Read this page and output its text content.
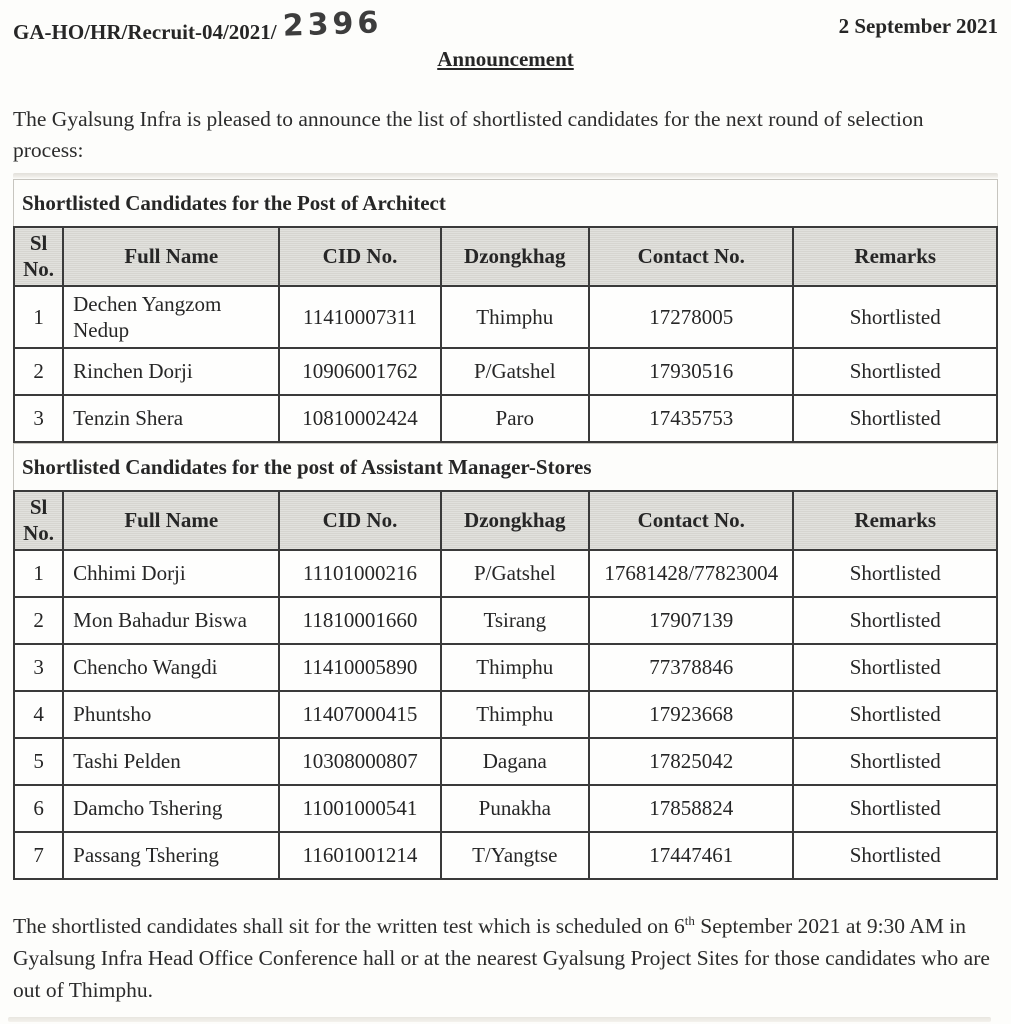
GA-HO/HR/Recruit-04/2021/ 2396	2 September 2021
Announcement

The Gyalsung Infra is pleased to announce the list of shortlisted candidates for the next round of selection process:

Shortlisted Candidates for the Post of Architect
Sl No.	Full Name	CID No.	Dzongkhag	Contact No.	Remarks
1	Dechen Yangzom Nedup	11410007311	Thimphu	17278005	Shortlisted
2	Rinchen Dorji	10906001762	P/Gatshel	17930516	Shortlisted
3	Tenzin Shera	10810002424	Paro	17435753	Shortlisted
Shortlisted Candidates for the post of Assistant Manager-Stores
Sl No.	Full Name	CID No.	Dzongkhag	Contact No.	Remarks
1	Chhimi Dorji	11101000216	P/Gatshel	17681428/77823004	Shortlisted
2	Mon Bahadur Biswa	11810001660	Tsirang	17907139	Shortlisted
3	Chencho Wangdi	11410005890	Thimphu	77378846	Shortlisted
4	Phuntsho	11407000415	Thimphu	17923668	Shortlisted
5	Tashi Pelden	10308000807	Dagana	17825042	Shortlisted
6	Damcho Tshering	11001000541	Punakha	17858824	Shortlisted
7	Passang Tshering	11601001214	T/Yangtse	17447461	Shortlisted

The shortlisted candidates shall sit for the written test which is scheduled on 6th September 2021 at 9:30 AM in Gyalsung Infra Head Office Conference hall or at the nearest Gyalsung Project Sites for those candidates who are out of Thimphu.
